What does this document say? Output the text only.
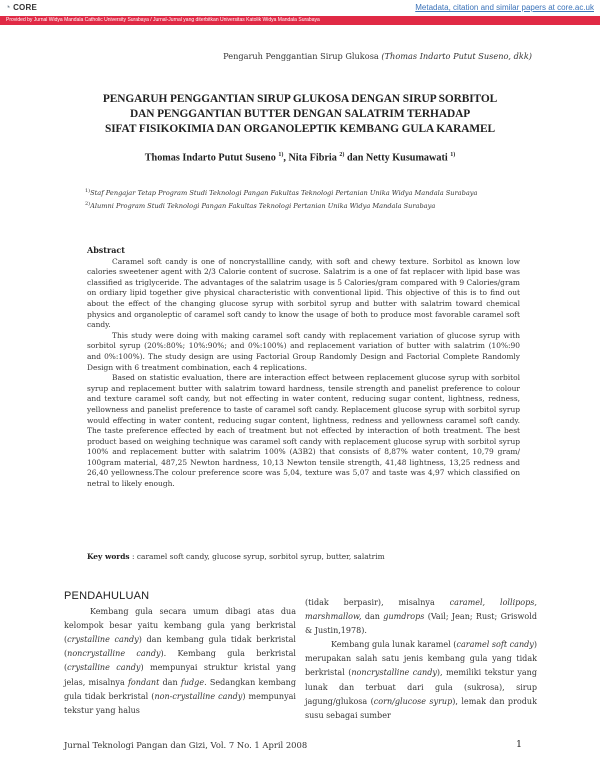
◔ CORE	Metadata, citation and similar papers at core.ac.uk
Provided by Jurnal Widya Mandala Catholic University Surabaya / Jurnal-Jurnal yang diterbitkan Universitas Katolik Widya Mandala Surabaya
Pengaruh Penggantian Sirup Glukosa (Thomas Indarto Putut Suseno, dkk)
PENGARUH PENGGANTIAN SIRUP GLUKOSA DENGAN SIRUP SORBITOL
DAN PENGGANTIAN BUTTER DENGAN SALATRIM TERHADAP
SIFAT FISIKOKIMIA DAN ORGANOLEPTIK KEMBANG GULA KARAMEL

Thomas Indarto Putut Suseno $^{1)}$, Nita Fibria $^{2)}$ dan Netty Kusumawati $^{1)}$

$^{1)}$Staf Pengajar Tetap Program Studi Teknologi Pangan Fakultas Teknologi Pertanian Unika Widya Mandala Surabaya
$^{2)}$Alumni Program Studi Teknologi Pangan Fakultas Teknologi Pertanian Unika Widya Mandala Surabaya
Abstract

Caramel soft candy is one of noncrystallline candy, with soft and chewy texture. Sorbitol as known low calories sweetener agent with 2/3 Calorie content of sucrose. Salatrim is a one of fat replacer with lipid base was classified as triglyceride. The advantages of the salatrim usage is 5 Calories/gram compared with 9 Calories/gram on ordiary lipid together give physical characteristic with conventional lipid. This objective of this is to find out about the effect of the changing glucose syrup with sorbitol syrup and butter with salatrim toward chemical physics and organoleptic of caramel soft candy to know the usage of both to produce most favorable caramel soft candy.

This study were doing with making caramel soft candy with replacement variation of glucose syrup with sorbitol syrup (20%:80%; 10%:90%; and 0%:100%) and replacement variation of butter with salatrim (10%:90 and 0%:100%). The study design are using Factorial Group Randomly Design and Factorial Complete Randomly Design with 6 treatment combination, each 4 replications.

Based on statistic evaluation, there are interaction effect between replacement glucose syrup with sorbitol syrup and replacement butter with salatrim toward hardness, tensile strength and panelist preference to colour and texture caramel soft candy, but not effecting in water content, reducing sugar content, lightness, redness, yellowness and panelist preference to taste of caramel soft candy. Replacement glucose syrup with sorbitol syrup would effecting in water content, reducing sugar content, lightness, redness and yellowness caramel soft candy. The taste preference effected by each of treatment but not effected by interaction of both treatment. The best product based on weighing technique was caramel soft candy with replacement glucose syrup with sorbitol syrup 100% and replacement butter with salatrim 100% (A3B2) that consists of 8,87% water content, 10,79 gram/ 100gram material, 487,25 Newton hardness, 10,13 Newton tensile strength, 41,48 lightness, 13,25 redness and 26,40 yellowness.The colour preference score was 5,04, texture was 5,07 and taste was 4,97 which classified on netral to likely enough.

Key words : caramel soft candy, glucose syrup, sorbitol syrup, butter, salatrim
PENDAHULUAN

Kembang gula secara umum dibagi atas dua kelompok besar yaitu kembang gula yang berkristal (crystalline candy) dan kembang gula tidak berkristal (noncrystalline candy). Kembang gula berkristal (crystalline candy) mempunyai struktur kristal yang jelas, misalnya fondant dan fudge. Sedangkan kembang gula tidak berkristal (non-crystalline candy) mempunyai tekstur yang halus

(tidak berpasir), misalnya caramel, lollipops, marshmallow, dan gumdrops (Vail; Jean; Rust; Griswold & Justin,1978).

Kembang gula lunak karamel (caramel soft candy) merupakan salah satu jenis kembang gula yang tidak berkristal (noncrystalline candy), memiliki tekstur yang lunak dan terbuat dari gula (sukrosa), sirup jagung/glukosa (corn/glucose syrup), lemak dan produk susu sebagai sumber

Jurnal Teknologi Pangan dan Gizi, Vol. 7 No. 1 April 2008	1
